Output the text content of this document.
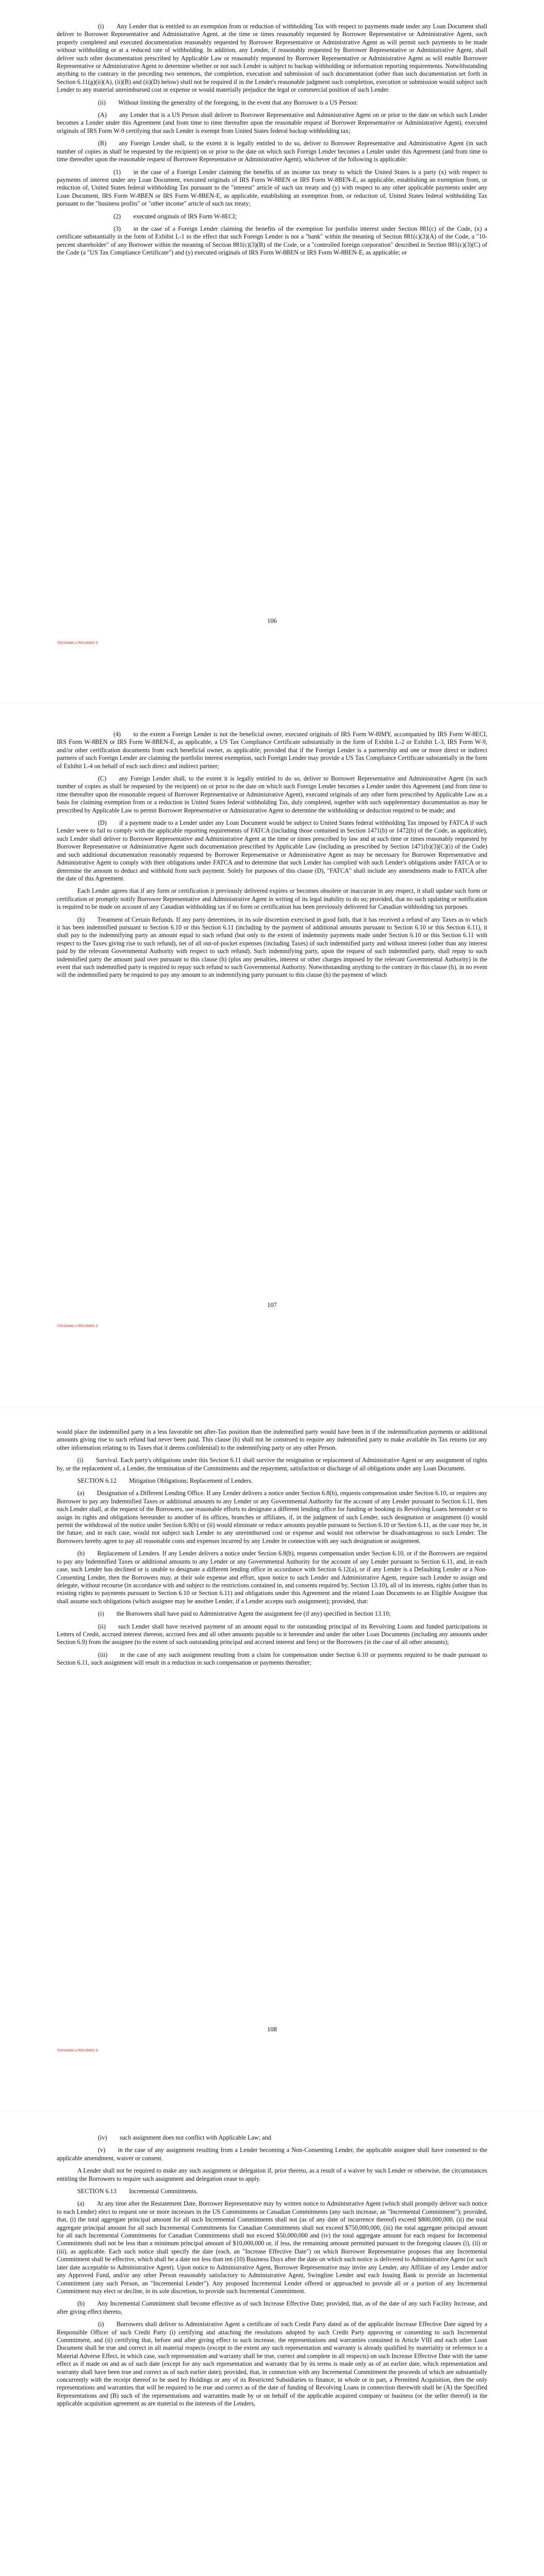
(i)  Any Lender that is entitled to an exemption from or reduction of withholding Tax with respect to payments made under any Loan Document shall deliver to Borrower Representative and Administrative Agent, at the time or times reasonably requested by Borrower Representative or Administrative Agent, such properly completed and executed documentation reasonably requested by Borrower Representative or Administrative Agent as will permit such payments to be made without withholding or at a reduced rate of withholding. In addition, any Lender, if reasonably requested by Borrower Representative or Administrative Agent, shall deliver such other documentation prescribed by Applicable Law or reasonably requested by Borrower Representative or Administrative Agent as will enable Borrower Representative or Administrative Agent to determine whether or not such Lender is subject to backup withholding or information reporting requirements. Notwithstanding anything to the contrary in the preceding two sentences, the completion, execution and submission of such documentation (other than such documentation set forth in Section 6.11(g)(ii)(A), (ii)(B) and (ii)(D) below) shall not be required if in the Lender's reasonable judgment such completion, execution or submission would subject such Lender to any material unreimbursed cost or expense or would materially prejudice the legal or commercial position of such Lender.

(ii)  Without limiting the generality of the foregoing, in the event that any Borrower is a US Person:

(A)  any Lender that is a US Person shall deliver to Borrower Representative and Administrative Agent on or prior to the date on which such Lender becomes a Lender under this Agreement (and from time to time thereafter upon the reasonable request of Borrower Representative or Administrative Agent), executed originals of IRS Form W-9 certifying that such Lender is exempt from United States federal backup withholding tax;

(B)  any Foreign Lender shall, to the extent it is legally entitled to do so, deliver to Borrower Representative and Administrative Agent (in such number of copies as shall be requested by the recipient) on or prior to the date on which such Foreign Lender becomes a Lender under this Agreement (and from time to time thereafter upon the reasonable request of Borrower Representative or Administrative Agent), whichever of the following is applicable:

(1)  in the case of a Foreign Lender claiming the benefits of an income tax treaty to which the United States is a party (x) with respect to payments of interest under any Loan Document, executed originals of IRS Form W-8BEN or IRS Form W-8BEN-E, as applicable, establishing an exemption from, or reduction of, United States federal withholding Tax pursuant to the "interest" article of such tax treaty and (y) with respect to any other applicable payments under any Loan Document, IRS Form W-8BEN or IRS Form W-8BEN-E, as applicable, establishing an exemption from, or reduction of, United States federal withholding Tax pursuant to the "business profits" or "other income" article of such tax treaty;

(2)  executed originals of IRS Form W-8ECI;

(3)  in the case of a Foreign Lender claiming the benefits of the exemption for portfolio interest under Section 881(c) of the Code, (x) a certificate substantially in the form of Exhibit L-1 to the effect that such Foreign Lender is not a "bank" within the meaning of Section 881(c)(3)(A) of the Code, a "10-percent shareholder" of any Borrower within the meaning of Section 881(c)(3)(B) of the Code, or a "controlled foreign corporation" described in Section 881(c)(3)(C) of the Code (a "US Tax Compliance Certificate") and (y) executed originals of IRS Form W-8BEN or IRS Form W-8BEN-E, as applicable; or

106
70016484.v7R016WX.0

(4)  to the extent a Foreign Lender is not the beneficial owner, executed originals of IRS Form W-8IMY, accompanied by IRS Form W-8ECI, IRS Form W-8BEN or IRS Form W-8BEN-E, as applicable, a US Tax Compliance Certificate substantially in the form of Exhibit L-2 or Exhibit L-3, IRS Form W-9, and/or other certification documents from each beneficial owner, as applicable; provided that if the Foreign Lender is a partnership and one or more direct or indirect partners of such Foreign Lender are claiming the portfolio interest exemption, such Foreign Lender may provide a US Tax Compliance Certificate substantially in the form of Exhibit L-4 on behalf of each such direct and indirect partner;

(C)  any Foreign Lender shall, to the extent it is legally entitled to do so, deliver to Borrower Representative and Administrative Agent (in such number of copies as shall be requested by the recipient) on or prior to the date on which such Foreign Lender becomes a Lender under this Agreement (and from time to time thereafter upon the reasonable request of Borrower Representative or Administrative Agent), executed originals of any other form prescribed by Applicable Law as a basis for claiming exemption from or a reduction in United States federal withholding Tax, duly completed, together with such supplementary documentation as may be prescribed by Applicable Law to permit Borrower Representative or Administrative Agent to determine the withholding or deduction required to be made; and

(D)  if a payment made to a Lender under any Loan Document would be subject to United States federal withholding Tax imposed by FATCA if such Lender were to fail to comply with the applicable reporting requirements of FATCA (including those contained in Section 1471(b) or 1472(b) of the Code, as applicable), such Lender shall deliver to Borrower Representative and Administrative Agent at the time or times prescribed by law and at such time or times reasonably requested by Borrower Representative or Administrative Agent such documentation prescribed by Applicable Law (including as prescribed by Section 1471(b)(3)(C)(i) of the Code) and such additional documentation reasonably requested by Borrower Representative or Administrative Agent as may be necessary for Borrower Representative and Administrative Agent to comply with their obligations under FATCA and to determine that such Lender has complied with such Lender's obligations under FATCA or to determine the amount to deduct and withhold from such payment. Solely for purposes of this clause (D), "FATCA" shall include any amendments made to FATCA after the date of this Agreement.

Each Lender agrees that if any form or certification it previously delivered expires or becomes obsolete or inaccurate in any respect, it shall update such form or certification or promptly notify Borrower Representative and Administrative Agent in writing of its legal inability to do so; provided, that no such updating or notification is required to be made on account of any Canadian withholding tax if no form or certification has been previously delivered for Canadian withholding tax purposes.

(h)  Treatment of Certain Refunds. If any party determines, in its sole discretion exercised in good faith, that it has received a refund of any Taxes as to which it has been indemnified pursuant to Section 6.10 or this Section 6.11 (including by the payment of additional amounts pursuant to Section 6.10 or this Section 6.11), it shall pay to the indemnifying party an amount equal to such refund (but only to the extent of indemnity payments made under Section 6.10 or this Section 6.11 with respect to the Taxes giving rise to such refund), net of all out-of-pocket expenses (including Taxes) of such indemnified party and without interest (other than any interest paid by the relevant Governmental Authority with respect to such refund). Such indemnifying party, upon the request of such indemnified party, shall repay to such indemnified party the amount paid over pursuant to this clause (h) (plus any penalties, interest or other charges imposed by the relevant Governmental Authority) in the event that such indemnified party is required to repay such refund to such Governmental Authority. Notwithstanding anything to the contrary in this clause (h), in no event will the indemnified party be required to pay any amount to an indemnifying party pursuant to this clause (h) the payment of which

107
70016484.v7R016WX.0

would place the indemnified party in a less favorable net after-Tax position than the indemnified party would have been in if the indemnification payments or additional amounts giving rise to such refund had never been paid. This clause (h) shall not be construed to require any indemnified party to make available its Tax returns (or any other information relating to its Taxes that it deems confidential) to the indemnifying party or any other Person.

(i)  Survival. Each party's obligations under this Section 6.11 shall survive the resignation or replacement of Administrative Agent or any assignment of rights by, or the replacement of, a Lender, the termination of the Commitments and the repayment, satisfaction or discharge of all obligations under any Loan Document.

SECTION 6.12  Mitigation Obligations; Replacement of Lenders.

(a)  Designation of a Different Lending Office. If any Lender delivers a notice under Section 6.8(b), requests compensation under Section 6.10, or requires any Borrower to pay any Indemnified Taxes or additional amounts to any Lender or any Governmental Authority for the account of any Lender pursuant to Section 6.11, then such Lender shall, at the request of the Borrowers, use reasonable efforts to designate a different lending office for funding or booking its Revolving Loans hereunder or to assign its rights and obligations hereunder to another of its offices, branches or affiliates, if, in the judgment of such Lender, such designation or assignment (i) would permit the withdrawal of the notice under Section 6.8(b) or (ii) would eliminate or reduce amounts payable pursuant to Section 6.10 or Section 6.11, as the case may be, in the future, and in each case, would not subject such Lender to any unreimbursed cost or expense and would not otherwise be disadvantageous to such Lender. The Borrowers hereby agree to pay all reasonable costs and expenses incurred by any Lender in connection with any such designation or assignment.

(b)  Replacement of Lenders. If any Lender delivers a notice under Section 6.8(b), requests compensation under Section 6.10, or if the Borrowers are required to pay any Indemnified Taxes or additional amounts to any Lender or any Governmental Authority for the account of any Lender pursuant to Section 6.11, and, in each case, such Lender has declined or is unable to designate a different lending office in accordance with Section 6.12(a), or if any Lender is a Defaulting Lender or a Non-Consenting Lender, then the Borrowers may, at their sole expense and effort, upon notice to such Lender and Administrative Agent, require such Lender to assign and delegate, without recourse (in accordance with and subject to the restrictions contained in, and consents required by, Section 13.10), all of its interests, rights (other than its existing rights to payments pursuant to Section 6.10 or Section 6.11) and obligations under this Agreement and the related Loan Documents to an Eligible Assignee that shall assume such obligations (which assignee may be another Lender, if a Lender accepts such assignment); provided, that:

(i)  the Borrowers shall have paid to Administrative Agent the assignment fee (if any) specified in Section 13.10;

(ii)  such Lender shall have received payment of an amount equal to the outstanding principal of its Revolving Loans and funded participations in Letters of Credit, accrued interest thereon, accrued fees and all other amounts payable to it hereunder and under the other Loan Documents (including any amounts under Section 6.9) from the assignee (to the extent of such outstanding principal and accrued interest and fees) or the Borrowers (in the case of all other amounts);

(iii)  in the case of any such assignment resulting from a claim for compensation under Section 6.10 or payments required to be made pursuant to Section 6.11, such assignment will result in a reduction in such compensation or payments thereafter;

108
70016484.v7R016WX.0

(iv)  such assignment does not conflict with Applicable Law; and

(v)  in the case of any assignment resulting from a Lender becoming a Non-Consenting Lender, the applicable assignee shall have consented to the applicable amendment, waiver or consent.

A Lender shall not be required to make any such assignment or delegation if, prior thereto, as a result of a waiver by such Lender or otherwise, the circumstances entitling the Borrowers to require such assignment and delegation cease to apply.

SECTION 6.13  Incremental Commitments.

(a)  At any time after the Restatement Date, Borrower Representative may by written notice to Administrative Agent (which shall promptly deliver such notice to each Lender) elect to request one or more increases in the US Commitments or Canadian Commitments (any such increase, an "Incremental Commitment"); provided, that, (i) the total aggregate principal amount for all such Incremental Commitments shall not (as of any date of incurrence thereof) exceed $800,000,000, (ii) the total aggregate principal amount for all such Incremental Commitments for Canadian Commitments shall not exceed $750,000,000, (iii) the total aggregate principal amount for all such Incremental Commitments for Canadian Commitments shall not exceed $50,000,000 and (iv) the total aggregate amount for each request for Incremental Commitments shall not be less than a minimum principal amount of $10,000,000 or, if less, the remaining amount permitted pursuant to the foregoing clauses (i), (ii) or (iii), as applicable. Each such notice shall specify the date (each, an "Increase Effective Date") on which Borrower Representative proposes that any Incremental Commitment shall be effective, which shall be a date not less than ten (10) Business Days after the date on which such notice is delivered to Administrative Agent (or such later date acceptable to Administrative Agent). Upon notice to Administrative Agent, Borrower Representative may invite any Lender, any Affiliate of any Lender and/or any Approved Fund, and/or any other Person reasonably satisfactory to Administrative Agent, Swingline Lender and each Issuing Bank to provide an Incremental Commitment (any such Person, an "Incremental Lender"). Any proposed Incremental Lender offered or approached to provide all or a portion of any Incremental Commitment may elect or decline, in its sole discretion, to provide such Incremental Commitment.

(b)  Any Incremental Commitment shall become effective as of such Increase Effective Date; provided, that, as of the date of any such Facility Increase, and after giving effect thereto,

(i)  Borrowers shall deliver to Administrative Agent a certificate of each Credit Party dated as of the applicable Increase Effective Date signed by a Responsible Officer of such Credit Party (i) certifying and attaching the resolutions adopted by such Credit Party approving or consenting to such Incremental Commitment, and (ii) certifying that, before and after giving effect to such increase, the representations and warranties contained in Article VIII and each other Loan Document shall be true and correct in all material respects (except to the extent any such representation and warranty is already qualified by materiality or reference to a Material Adverse Effect, in which case, such representation and warranty shall be true, correct and complete in all respects) on such Increase Effective Date with the same effect as if made on and as of such date (except for any such representation and warranty that by its terms is made only as of an earlier date, which representation and warranty shall have been true and correct as of such earlier date); provided, that, in connection with any Incremental Commitment the proceeds of which are substantially concurrently with the receipt thereof to be used by Holdings or any of its Restricted Subsidiaries to finance, in whole or in part, a Permitted Acquisition, then the only representations and warranties that will be required to be true and correct as of the date of funding of Revolving Loans in connection therewith shall be (A) the Specified Representations and (B) such of the representations and warranties made by or on behalf of the applicable acquired company or business (or the seller thereof) in the applicable acquisition agreement as are material to the interests of the Lenders,
